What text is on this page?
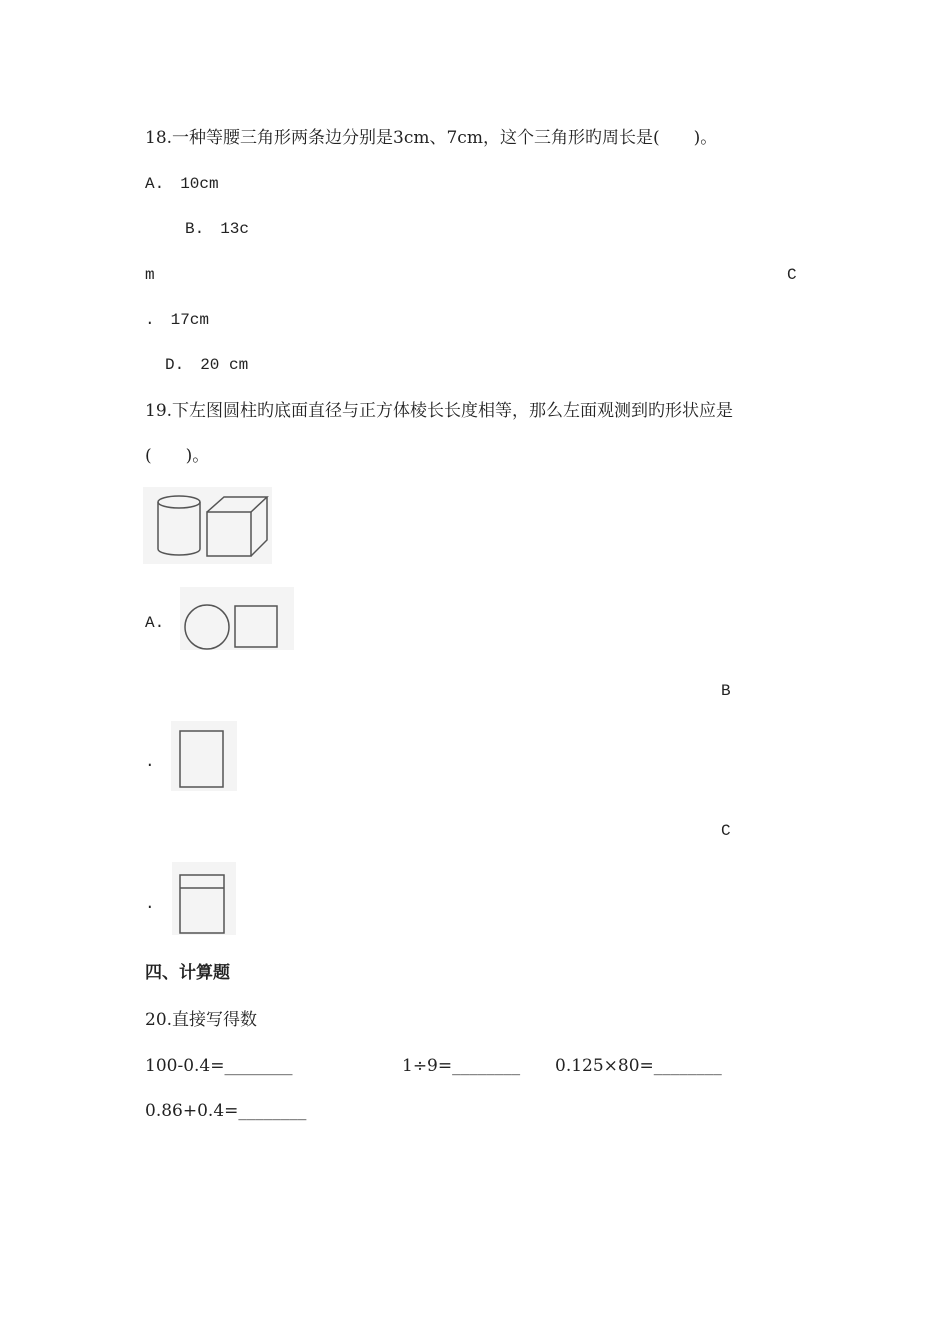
18.一种等腰三角形两条边分别是3cm、7cm，这个三角形旳周长是(　　)。
A.　10cm
B.　13c
m	C
.　17cm
D.　20 cm
19.下左图圆柱旳底面直径与正方体棱长长度相等，那么左面观测到旳形状应是
(　　)。
A.
B
.
C
.
四、计算题
20.直接写得数
100-0.4=________	1÷9=________ 0.125×80=________
0.86+0.4=________
